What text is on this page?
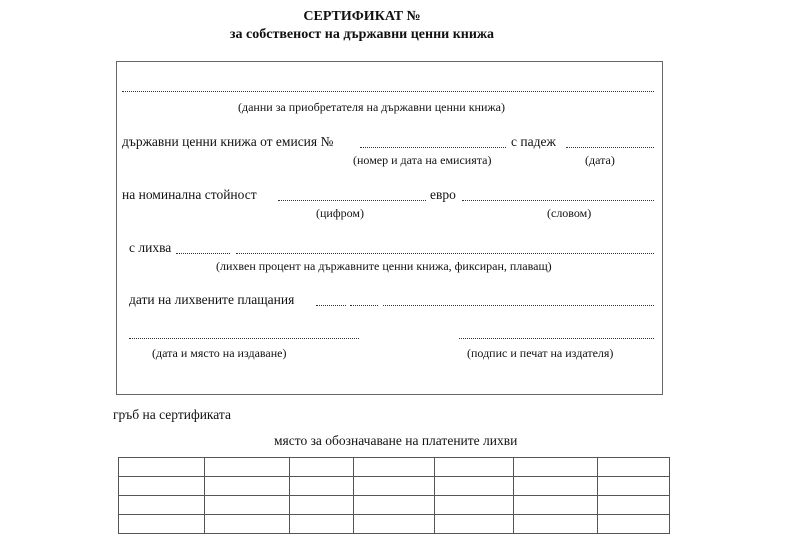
СЕРТИФИКАТ №
за собственост на държавни ценни книжа
(данни за приобретателя на държавни ценни книжа)
държавни ценни книжа от емисия №	с падеж
(номер и дата на емисията)	(дата)
на номинална стойност	евро
(цифром)	(словом)
с лихва
(лихвен процент на държавните ценни книжа, фиксиран, плаващ)
дати на лихвените плащания
(дата и място на издаване)	(подпис и печат на издателя)
гръб на сертификата
място за обозначаване на платените лихви
